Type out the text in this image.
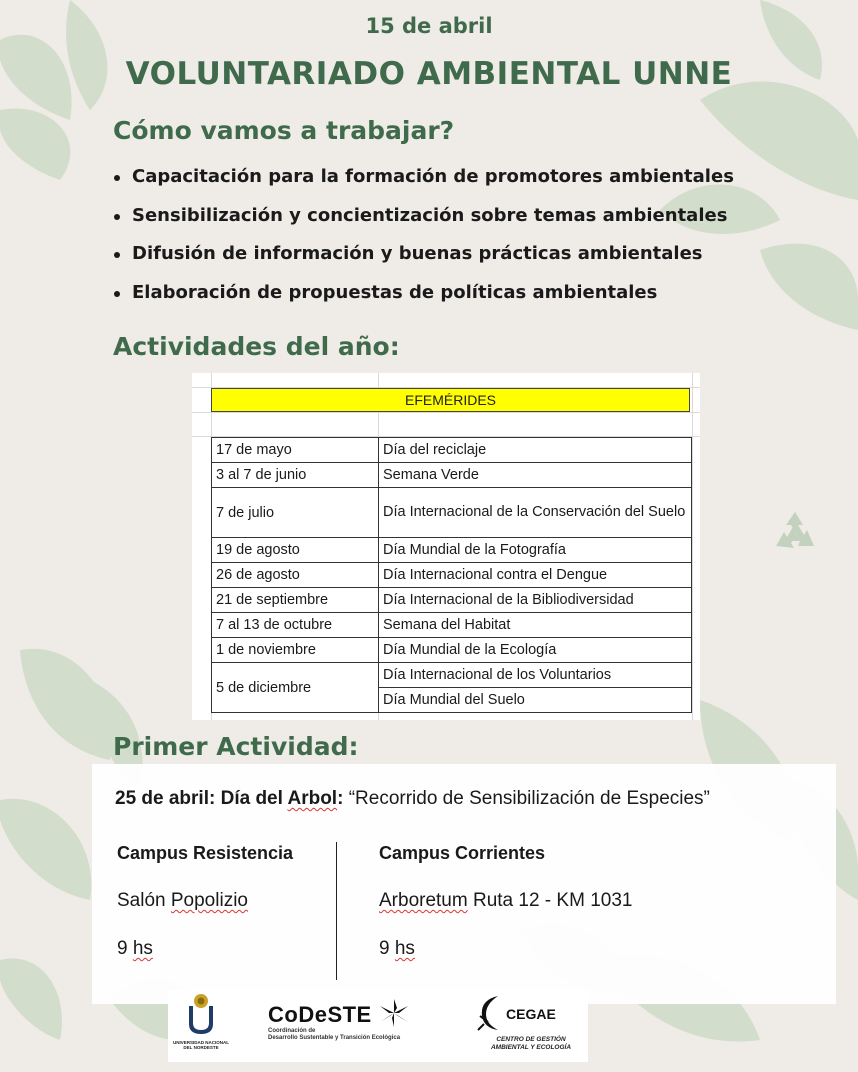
15 de abril
VOLUNTARIADO AMBIENTAL UNNE
Cómo vamos a trabajar?
Capacitación para la formación de promotores ambientales
Sensibilización y concientización sobre temas ambientales
Difusión de información y buenas prácticas ambientales
Elaboración de propuestas de políticas ambientales
Actividades del año:
EFEMÉRIDES
17 de mayo	Día del reciclaje
3 al 7 de junio	Semana Verde
7 de julio	Día Internacional de la Conservación del Suelo
19 de agosto	Día Mundial de la Fotografía
26 de agosto	Día Internacional contra el Dengue
21 de septiembre	Día Internacional de la Bibliodiversidad
7 al 13 de octubre	Semana del Habitat
1 de noviembre	Día Mundial de la Ecología
5 de diciembre	Día Internacional de los Voluntarios
	Día Mundial del Suelo
Primer Actividad:
25 de abril: Día del Arbol: “Recorrido de Sensibilización de Especies”
Campus Resistencia
Salón Popolizio
9 hs
Campus Corrientes
Arboretum Ruta 12 - KM 1031
9 hs
UNIVERSIDAD NACIONAL DEL NORDESTE
CoDeSTE
Coordinación de
Desarrollo Sustentable y Transición Ecológica
CEGAE
CENTRO DE GESTIÓN
AMBIENTAL Y ECOLOGÍA
